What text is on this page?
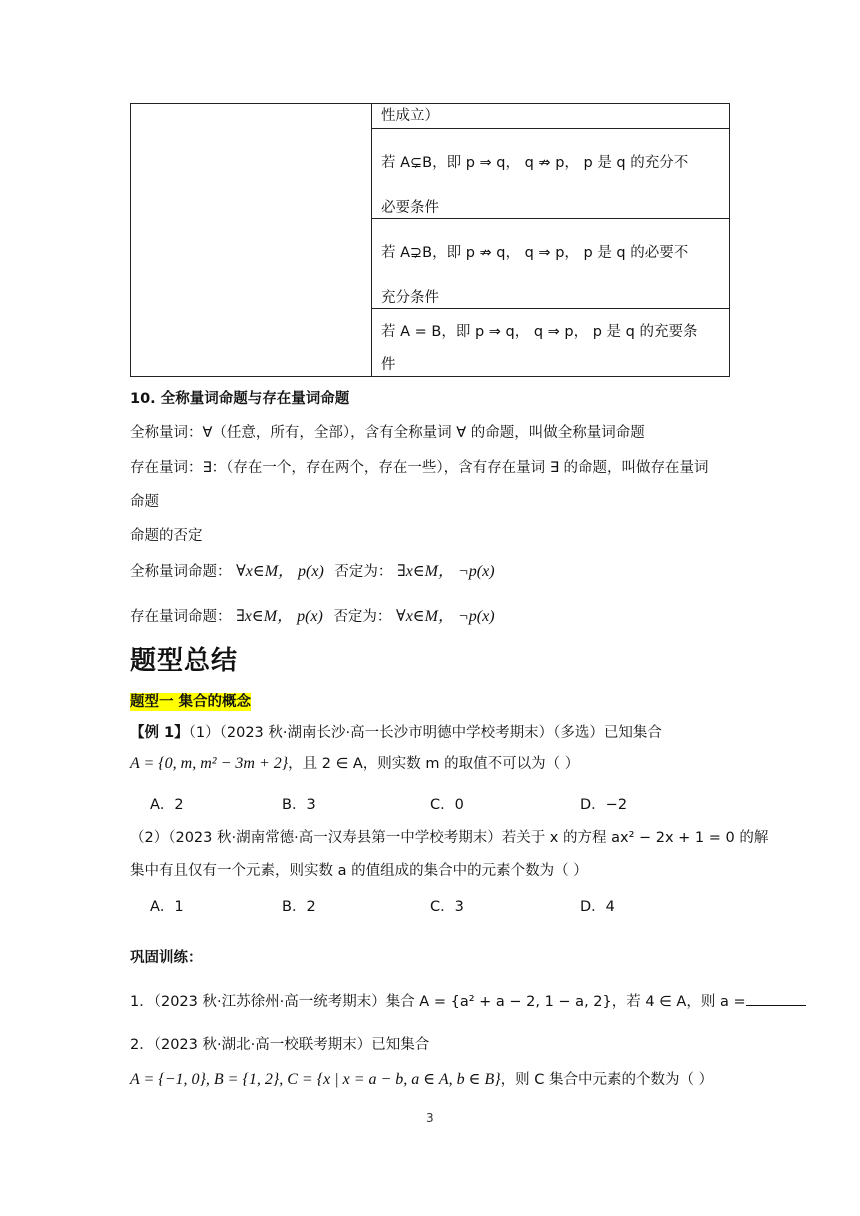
性成立）
若 A⊊B，即 p ⇒ q， q ⇏ p， p 是 q 的充分不
必要条件
若 A⊋B，即 p ⇏ q， q ⇒ p， p 是 q 的必要不
充分条件
若 A = B，即 p ⇒ q， q ⇒ p， p 是 q 的充要条
件
10. 全称量词命题与存在量词命题
全称量词：∀（任意，所有，全部），含有全称量词 ∀ 的命题，叫做全称量词命题
存在量词：∃：（存在一个，存在两个，存在一些），含有存在量词 ∃ 的命题，叫做存在量词
命题
命题的否定
全称量词命题： ∀x∈M， p(x) 否定为： ∃x∈M， ¬p(x)
存在量词命题： ∃x∈M， p(x) 否定为： ∀x∈M， ¬p(x)
题型总结
题型一 集合的概念
【例 1】（1）（2023 秋·湖南长沙·高一长沙市明德中学校考期末）（多选）已知集合
A = {0, m, m² − 3m + 2}，且 2 ∈ A，则实数 m 的取值不可以为（ ）
A．2	B．3	C．0	D．−2
（2）（2023 秋·湖南常德·高一汉寿县第一中学校考期末）若关于 x 的方程 ax² − 2x + 1 = 0 的解
集中有且仅有一个元素，则实数 a 的值组成的集合中的元素个数为（ ）
A．1	B．2	C．3	D．4
巩固训练：
1．（2023 秋·江苏徐州·高一统考期末）集合 A = {a² + a − 2, 1 − a, 2}，若 4 ∈ A，则 a =
2．（2023 秋·湖北·高一校联考期末）已知集合
A = {−1, 0}, B = {1, 2}, C = {x | x = a − b, a ∈ A, b ∈ B}，则 C 集合中元素的个数为（ ）
3
